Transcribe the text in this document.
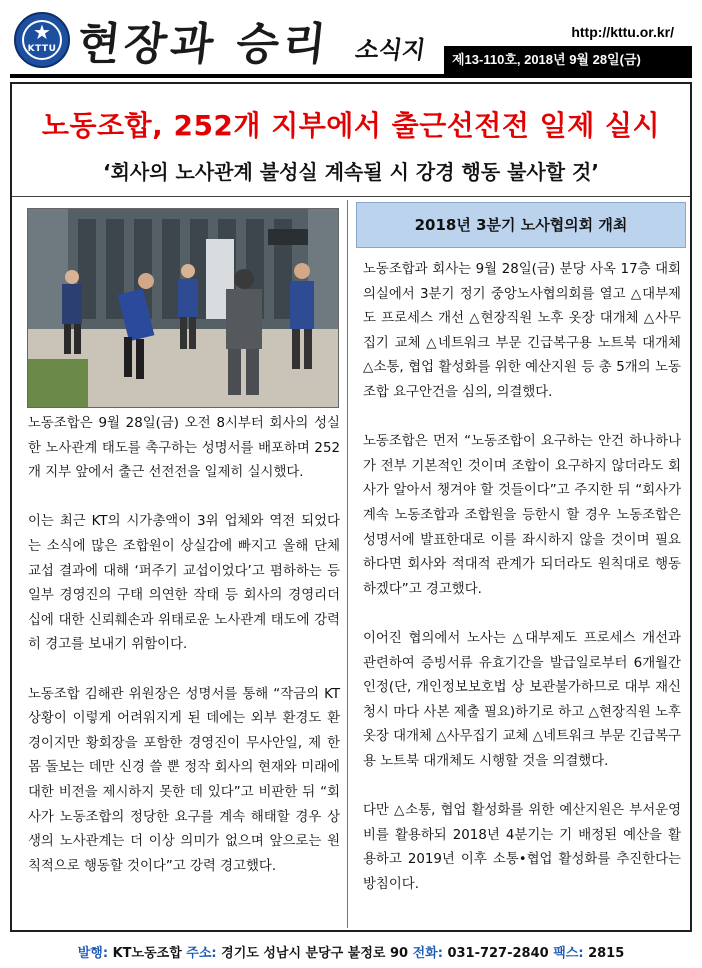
★
KTTU 현장과 승리 소식지
http://kttu.or.kr/
제13-110호, 2018년 9월 28일(금)
노동조합, 252개 지부에서 출근선전전 일제 실시
‘회사의 노사관계 불성실 계속될 시 강경 행동 불사할 것’
2018년 3분기 노사협의회 개최

노동조합은 9월 28일(금) 오전 8시부터 회사의 성실한 노사관계 태도를 촉구하는 성명서를 배포하며 252개 지부 앞에서 출근 선전전을 일제히 실시했다.

이는 최근 KT의 시가총액이 3위 업체와 역전 되었다는 소식에 많은 조합원이 상실감에 빠지고 올해 단체교섭 결과에 대해 ‘퍼주기 교섭이었다’고 폄하하는 등 일부 경영진의 구태 의연한 작태 등 회사의 경영리더십에 대한 신뢰훼손과 위태로운 노사관계 태도에 강력히 경고를 보내기 위함이다.

노동조합 김해관 위원장은 성명서를 통해 “작금의 KT상황이 이렇게 어려워지게 된 데에는 외부 환경도 환경이지만 황회장을 포함한 경영진이 무사안일, 제 한 몸 돌보는 데만 신경 쓸 뿐 정작 회사의 현재와 미래에 대한 비전을 제시하지 못한 데 있다”고 비판한 뒤 “회사가 노동조합의 정당한 요구를 계속 해태할 경우 상생의 노사관계는 더 이상 의미가 없으며 앞으로는 원칙적으로 행동할 것이다”고 강력 경고했다.

노동조합과 회사는 9월 28일(금) 분당 사옥 17층 대회의실에서 3분기 정기 중앙노사협의회를 열고 △대부제도 프로세스 개선 △현장직원 노후 옷장 대개체 △사무집기 교체 △네트워크 부문 긴급복구용 노트북 대개체 △소통, 협업 활성화를 위한 예산지원 등 총 5개의 노동조합 요구안건을 심의, 의결했다.

노동조합은 먼저 “노동조합이 요구하는 안건 하나하나가 전부 기본적인 것이며 조합이 요구하지 않더라도 회사가 알아서 챙겨야 할 것들이다”고 주지한 뒤 “회사가 계속 노동조합과 조합원을 등한시 할 경우 노동조합은 성명서에 발표한대로 이를 좌시하지 않을 것이며 필요하다면 회사와 적대적 관계가 되더라도 원칙대로 행동하겠다”고 경고했다.

이어진 협의에서 노사는 △대부제도 프로세스 개선과 관련하여 증빙서류 유효기간을 발급일로부터 6개월간 인정(단, 개인정보보호법 상 보관불가하므로 대부 재신청시 마다 사본 제출 필요)하기로 하고 △현장직원 노후 옷장 대개체 △사무집기 교체 △네트워크 부문 긴급복구용 노트북 대개체도 시행할 것을 의결했다.

다만 △소통, 협업 활성화를 위한 예산지원은 부서운영비를 활용하되 2018년 4분기는 기 배정된 예산을 활용하고 2019년 이후 소통•협업 활성화를 추진한다는 방침이다.

발행: KT노동조합 주소: 경기도 성남시 분당구 불정로 90 전화: 031-727-2840 팩스: 2815
